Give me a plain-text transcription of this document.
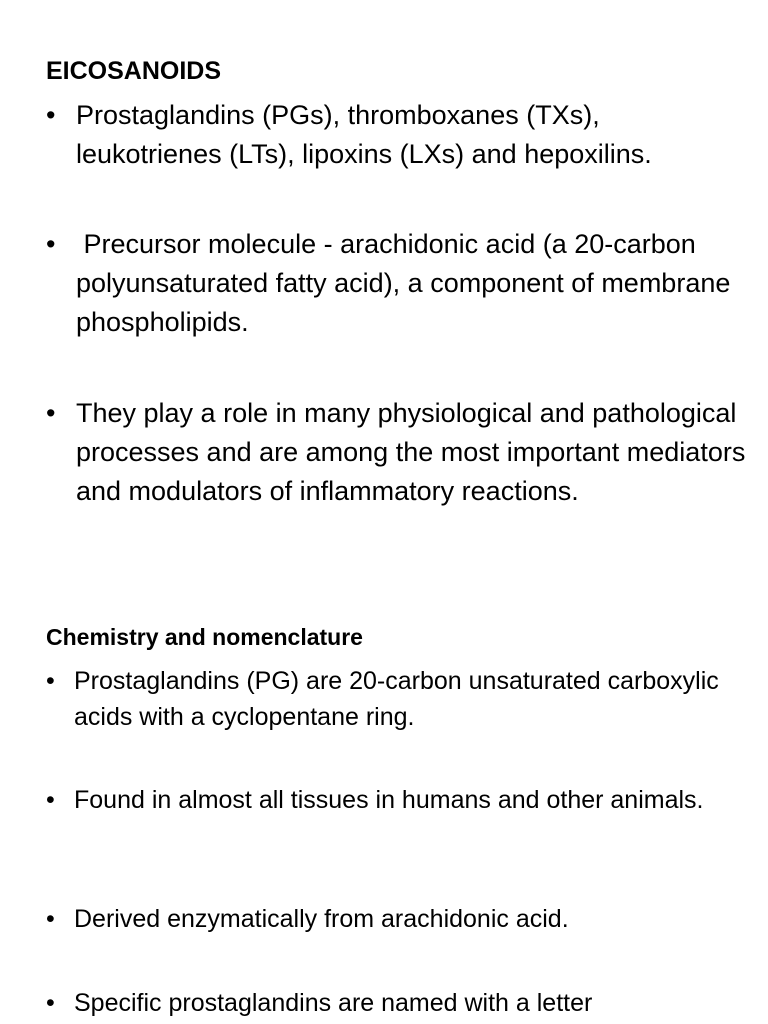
EICOSANOIDS
• Prostaglandins (PGs), thromboxanes (TXs), leukotrienes (LTs), lipoxins (LXs) and hepoxilins.
• Precursor molecule - arachidonic acid (a 20-carbon polyunsaturated fatty acid), a component of membrane phospholipids.
• They play a role in many physiological and pathological processes and are among the most important mediators and modulators of inflammatory reactions.
Chemistry and nomenclature
• Prostaglandins (PG) are 20-carbon unsaturated carboxylic acids with a cyclopentane ring.
• Found in almost all tissues in humans and other animals.
• Derived enzymatically from arachidonic acid.
• Specific prostaglandins are named with a letter
